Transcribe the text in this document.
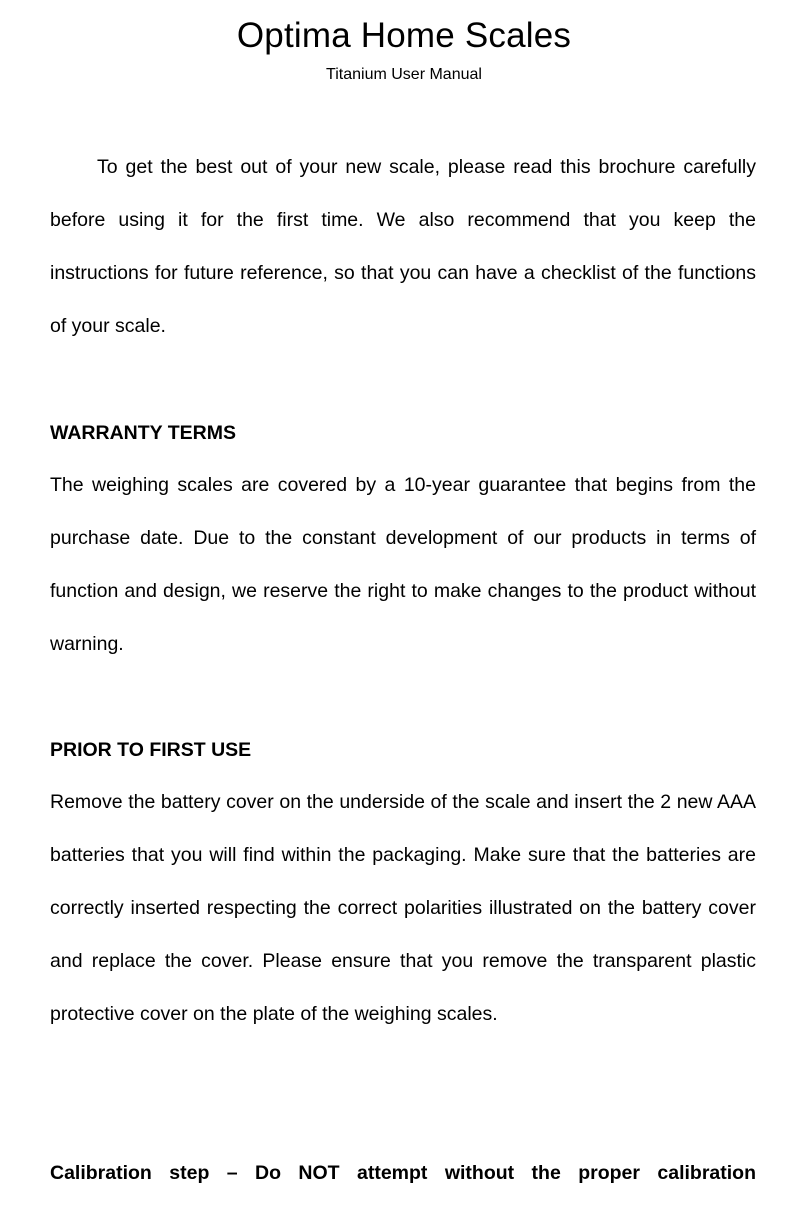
Optima Home Scales
Titanium User Manual

To get the best out of your new scale, please read this brochure carefully before using it for the first time. We also recommend that you keep the instructions for future reference, so that you can have a checklist of the functions of your scale.

WARRANTY TERMS

The weighing scales are covered by a 10-year guarantee that begins from the purchase date. Due to the constant development of our products in terms of function and design, we reserve the right to make changes to the product without warning.

PRIOR TO FIRST USE

Remove the battery cover on the underside of the scale and insert the 2 new AAA batteries that you will find within the packaging. Make sure that the batteries are correctly inserted respecting the correct polarities illustrated on the battery cover and replace the cover. Please ensure that you remove the transparent plastic protective cover on the plate of the weighing scales.

Calibration step – Do NOT attempt without the proper calibration
